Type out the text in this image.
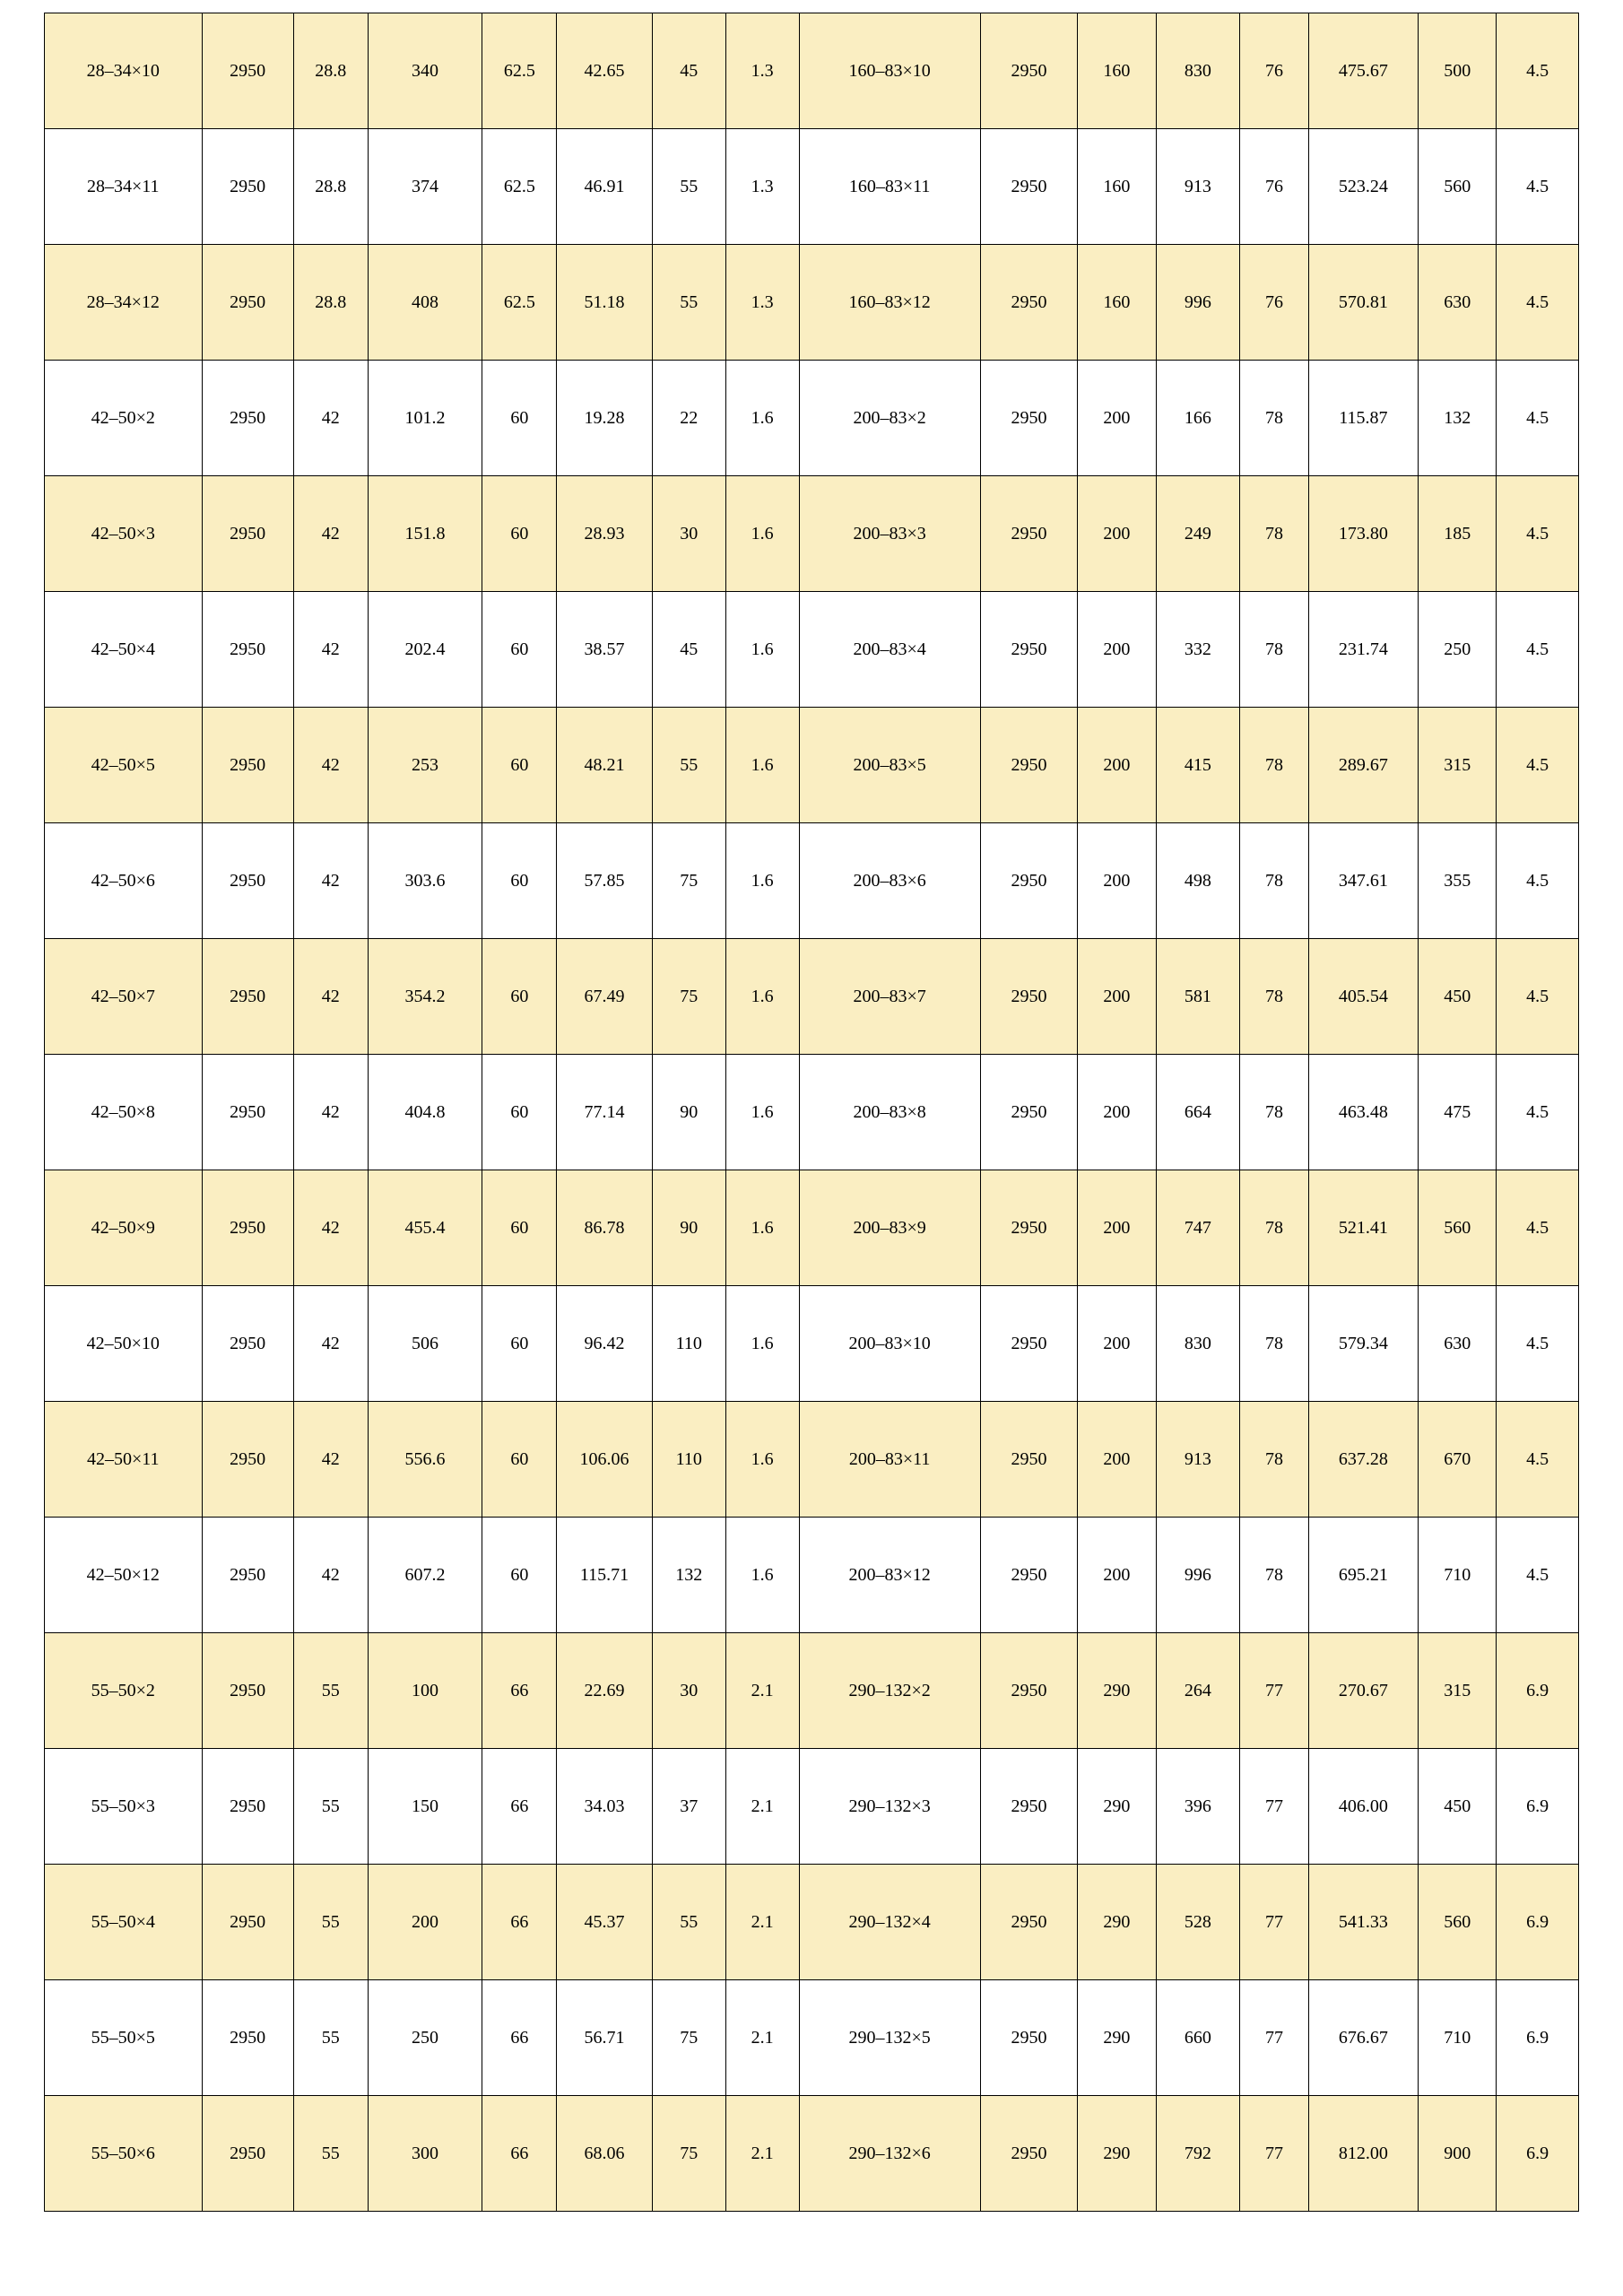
28–34×10	2950	28.8	340	62.5	42.65	45	1.3	160–83×10	2950	160	830	76	475.67	500	4.5
28–34×11	2950	28.8	374	62.5	46.91	55	1.3	160–83×11	2950	160	913	76	523.24	560	4.5
28–34×12	2950	28.8	408	62.5	51.18	55	1.3	160–83×12	2950	160	996	76	570.81	630	4.5
42–50×2	2950	42	101.2	60	19.28	22	1.6	200–83×2	2950	200	166	78	115.87	132	4.5
42–50×3	2950	42	151.8	60	28.93	30	1.6	200–83×3	2950	200	249	78	173.80	185	4.5
42–50×4	2950	42	202.4	60	38.57	45	1.6	200–83×4	2950	200	332	78	231.74	250	4.5
42–50×5	2950	42	253	60	48.21	55	1.6	200–83×5	2950	200	415	78	289.67	315	4.5
42–50×6	2950	42	303.6	60	57.85	75	1.6	200–83×6	2950	200	498	78	347.61	355	4.5
42–50×7	2950	42	354.2	60	67.49	75	1.6	200–83×7	2950	200	581	78	405.54	450	4.5
42–50×8	2950	42	404.8	60	77.14	90	1.6	200–83×8	2950	200	664	78	463.48	475	4.5
42–50×9	2950	42	455.4	60	86.78	90	1.6	200–83×9	2950	200	747	78	521.41	560	4.5
42–50×10	2950	42	506	60	96.42	110	1.6	200–83×10	2950	200	830	78	579.34	630	4.5
42–50×11	2950	42	556.6	60	106.06	110	1.6	200–83×11	2950	200	913	78	637.28	670	4.5
42–50×12	2950	42	607.2	60	115.71	132	1.6	200–83×12	2950	200	996	78	695.21	710	4.5
55–50×2	2950	55	100	66	22.69	30	2.1	290–132×2	2950	290	264	77	270.67	315	6.9
55–50×3	2950	55	150	66	34.03	37	2.1	290–132×3	2950	290	396	77	406.00	450	6.9
55–50×4	2950	55	200	66	45.37	55	2.1	290–132×4	2950	290	528	77	541.33	560	6.9
55–50×5	2950	55	250	66	56.71	75	2.1	290–132×5	2950	290	660	77	676.67	710	6.9
55–50×6	2950	55	300	66	68.06	75	2.1	290–132×6	2950	290	792	77	812.00	900	6.9
